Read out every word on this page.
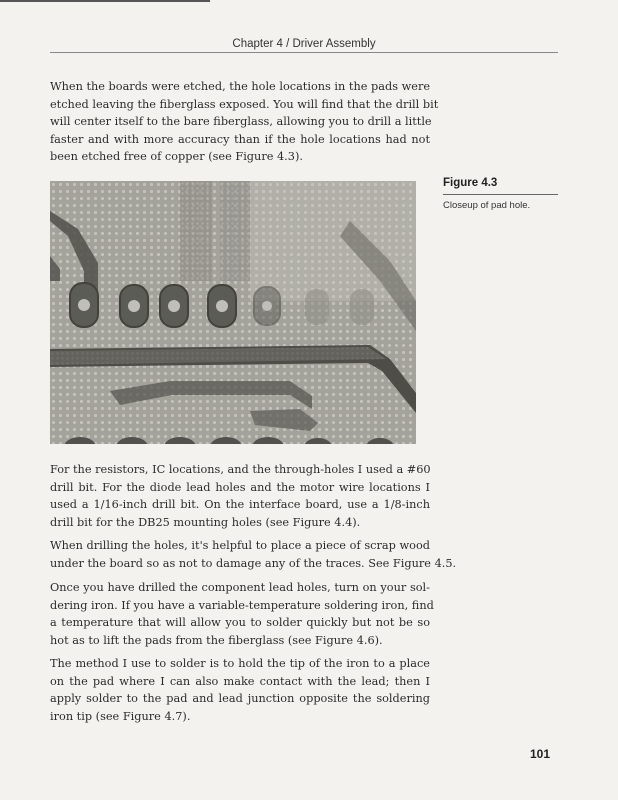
Chapter 4 / Driver Assembly
When the boards were etched, the hole locations in the pads were
etched leaving the fiberglass exposed. You will find that the drill bit
will center itself to the bare fiberglass, allowing you to drill a little
faster and with more accuracy than if the hole locations had not
been etched free of copper (see Figure 4.3).
Figure 4.3
Closeup of pad hole.
For the resistors, IC locations, and the through-holes I used a #60
drill bit. For the diode lead holes and the motor wire locations I
used a 1/16-inch drill bit. On the interface board, use a 1/8-inch
drill bit for the DB25 mounting holes (see Figure 4.4).
When drilling the holes, it's helpful to place a piece of scrap wood
under the board so as not to damage any of the traces. See Figure 4.5.
Once you have drilled the component lead holes, turn on your sol-
dering iron. If you have a variable-temperature soldering iron, find
a temperature that will allow you to solder quickly but not be so
hot as to lift the pads from the fiberglass (see Figure 4.6).
The method I use to solder is to hold the tip of the iron to a place
on the pad where I can also make contact with the lead; then I
apply solder to the pad and lead junction opposite the soldering
iron tip (see Figure 4.7).
101
